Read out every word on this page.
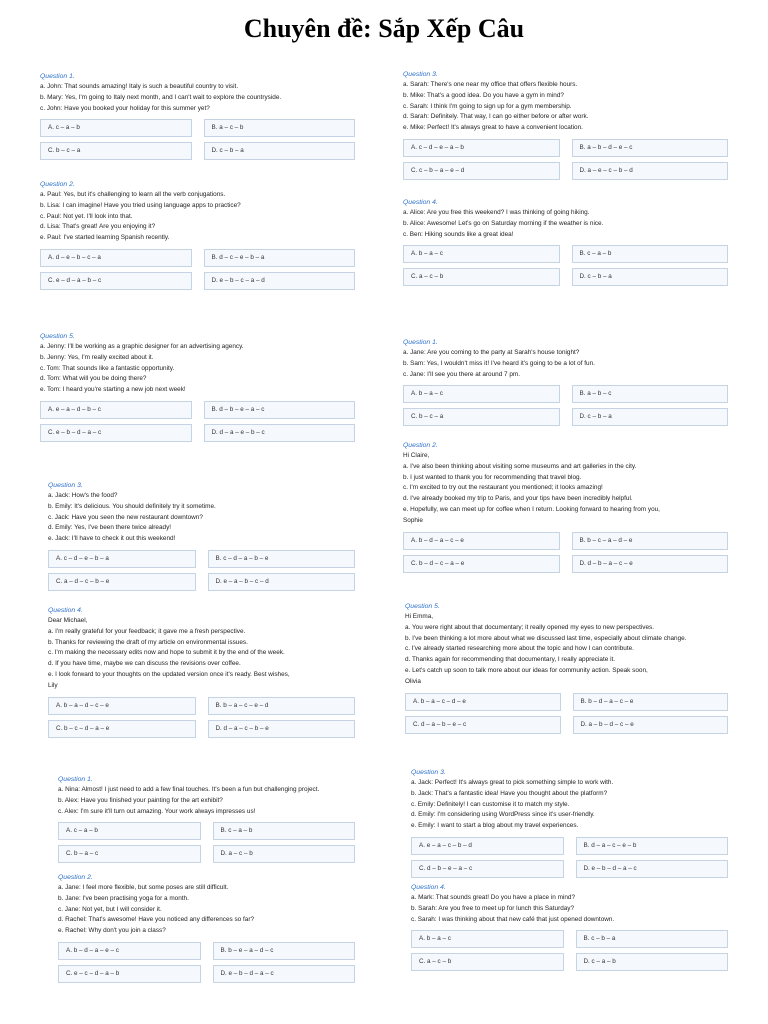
Chuyên đề: Sắp Xếp Câu
Question 1.
a. John: That sounds amazing! Italy is such a beautiful country to visit.
b. Mary: Yes, I'm going to Italy next month, and I can't wait to explore the countryside.
c. John: Have you booked your holiday for this summer yet?
A. c – a – b	B. a – c – b
C. b – c – a	D. c – b – a
Question 2.
a. Paul: Yes, but it's challenging to learn all the verb conjugations.
b. Lisa: I can imagine! Have you tried using language apps to practice?
c. Paul: Not yet. I'll look into that.
d. Lisa: That's great! Are you enjoying it?
e. Paul: I've started learning Spanish recently.
A. d – e – b – c – a	B. d – c – e – b – a
C. e – d – a – b – c	D. e – b – c – a – d
Question 5.
a. Jenny: I'll be working as a graphic designer for an advertising agency.
b. Jenny: Yes, I'm really excited about it.
c. Tom: That sounds like a fantastic opportunity.
d. Tom: What will you be doing there?
e. Tom: I heard you're starting a new job next week!
A. e – a – d – b – c	B. d – b – e – a – c
C. e – b – d – a – c	D. d – a – e – b – c
Question 3.
a. Jack: How's the food?
b. Emily: It's delicious. You should definitely try it sometime.
c. Jack: Have you seen the new restaurant downtown?
d. Emily: Yes, I've been there twice already!
e. Jack: I'll have to check it out this weekend!
A. c – d – e – b – a	B. c – d – a – b – e
C. a – d – c – b – e	D. e – a – b – c – d
Question 4.
Dear Michael,
a. I'm really grateful for your feedback; it gave me a fresh perspective.
b. Thanks for reviewing the draft of my article on environmental issues.
c. I'm making the necessary edits now and hope to submit it by the end of the week.
d. If you have time, maybe we can discuss the revisions over coffee.
e. I look forward to your thoughts on the updated version once it's ready. Best wishes,
Lily
A. b – a – d – c – e	B. b – a – c – e – d
C. b – c – d – a – e	D. d – a – c – b – e
Question 1.
a. Nina: Almost! I just need to add a few final touches. It's been a fun but challenging project.
b. Alex: Have you finished your painting for the art exhibit?
c. Alex: I'm sure it'll turn out amazing. Your work always impresses us!
A. c – a – b	B. c – a – b
C. b – a – c	D. a – c – b
Question 2.
a. Jane: I feel more flexible, but some poses are still difficult.
b. Jane: I've been practising yoga for a month.
c. Jane: Not yet, but I will consider it.
d. Rachel: That's awesome! Have you noticed any differences so far?
e. Rachel: Why don't you join a class?
A. b – d – a – e – c	B. b – e – a – d – c
C. e – c – d – a – b	D. e – b – d – a – c
Question 3.
a. Sarah: There's one near my office that offers flexible hours.
b. Mike: That's a good idea. Do you have a gym in mind?
c. Sarah: I think I'm going to sign up for a gym membership.
d. Sarah: Definitely. That way, I can go either before or after work.
e. Mike: Perfect! It's always great to have a convenient location.
A. c – d – e – a – b	B. a – b – d – e – c
C. c – b – a – e – d	D. a – e – c – b – d
Question 4.
a. Alice: Are you free this weekend? I was thinking of going hiking.
b. Alice: Awesome! Let's go on Saturday morning if the weather is nice.
c. Ben: Hiking sounds like a great idea!
A. b – a – c	B. c – a – b
C. a – c – b	D. c – b – a
Question 1.
a. Jane: Are you coming to the party at Sarah's house tonight?
b. Sam: Yes, I wouldn't miss it! I've heard it's going to be a lot of fun.
c. Jane: I'll see you there at around 7 pm.
A. b – a – c	B. a – b – c
C. b – c – a	D. c – b – a
Question 2.
Hi Claire,
a. I've also been thinking about visiting some museums and art galleries in the city.
b. I just wanted to thank you for recommending that travel blog.
c. I'm excited to try out the restaurant you mentioned; it looks amazing!
d. I've already booked my trip to Paris, and your tips have been incredibly helpful.
e. Hopefully, we can meet up for coffee when I return. Looking forward to hearing from you,
Sophie
A. b – d – a – c – e	B. b – c – a – d – e
C. b – d – c – a – e	D. d – b – a – c – e
Question 5.
Hi Emma,
a. You were right about that documentary; it really opened my eyes to new perspectives.
b. I've been thinking a lot more about what we discussed last time, especially about climate change.
c. I've already started researching more about the topic and how I can contribute.
d. Thanks again for recommending that documentary, I really appreciate it.
e. Let's catch up soon to talk more about our ideas for community action. Speak soon,
Olivia
A. b – a – c – d – e	B. b – d – a – c – e
C. d – a – b – e – c	D. a – b – d – c – e
Question 3.
a. Jack: Perfect! It's always great to pick something simple to work with.
b. Jack: That's a fantastic idea! Have you thought about the platform?
c. Emily: Definitely! I can customise it to match my style.
d. Emily: I'm considering using WordPress since it's user-friendly.
e. Emily: I want to start a blog about my travel experiences.
A. e – a – c – b – d	B. d – a – c – e – b
C. d – b – e – a – c	D. e – b – d – a – c
Question 4.
a. Mark: That sounds great! Do you have a place in mind?
b. Sarah: Are you free to meet up for lunch this Saturday?
c. Sarah: I was thinking about that new café that just opened downtown.
A. b – a – c	B. c – b – a
C. a – c – b	D. c – a – b
